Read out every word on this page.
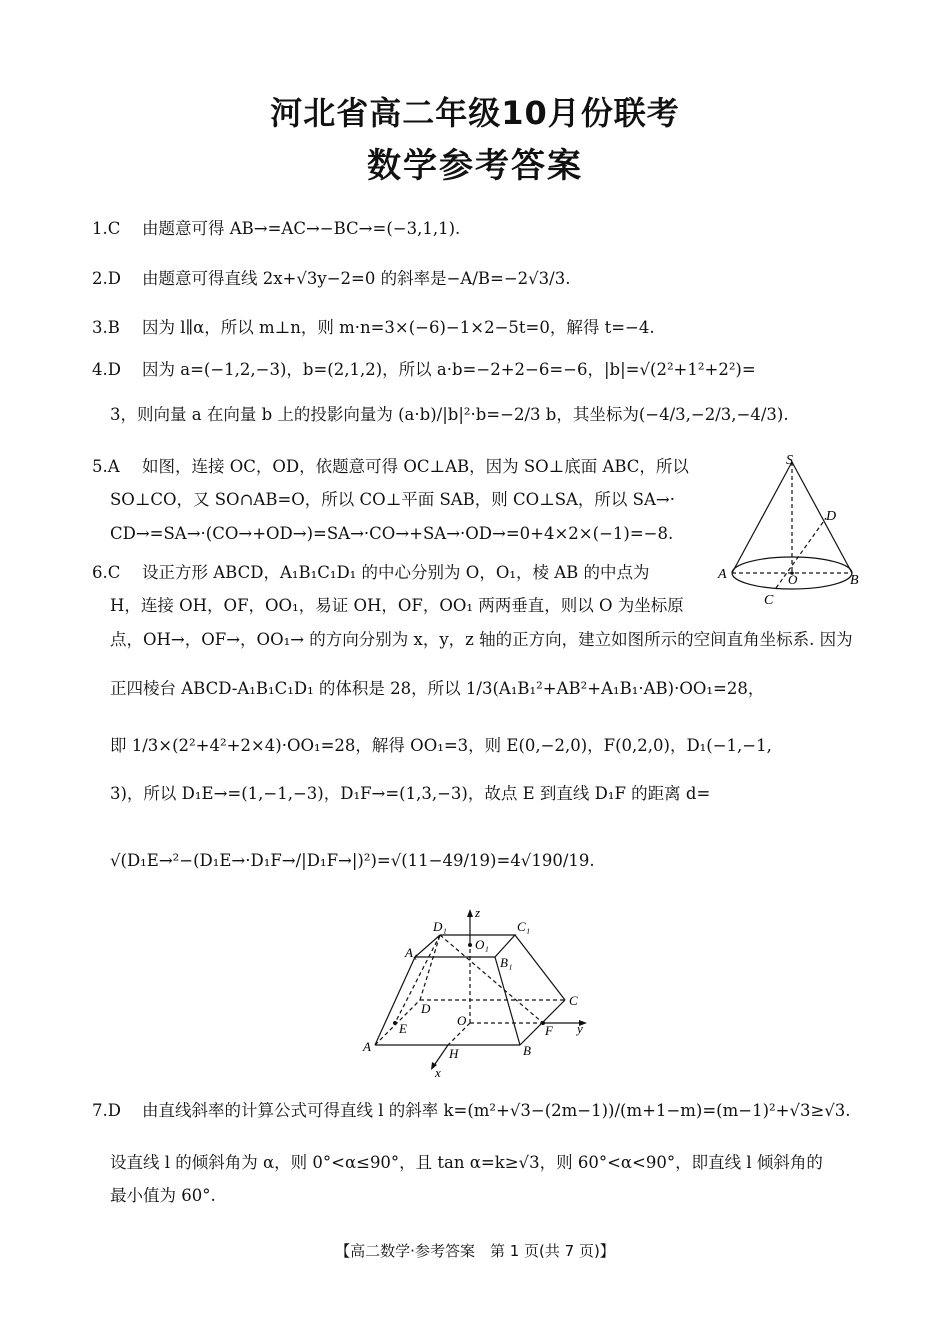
河北省高二年级10月份联考
数学参考答案
1.C 由题意可得 AB→=AC→−BC→=(−3,1,1).
2.D 由题意可得直线 2x+√3y−2=0 的斜率是−A/B=−2√3/3.
3.B 因为 l∥α，所以 m⊥n，则 m·n=3×(−6)−1×2−5t=0，解得 t=−4.
4.D 因为 a=(−1,2,−3)，b=(2,1,2)，所以 a·b=−2+2−6=−6，|b|=√(2²+1²+2²)=
3，则向量 a 在向量 b 上的投影向量为 (a·b)/|b|²·b=−2/3 b，其坐标为(−4/3,−2/3,−4/3).
5.A 如图，连接 OC，OD，依题意可得 OC⊥AB，因为 SO⊥底面 ABC，所以
SO⊥CO，又 SO∩AB=O，所以 CO⊥平面 SAB，则 CO⊥SA，所以 SA→·
CD→=SA→·(CO→+OD→)=SA→·CO→+SA→·OD→=0+4×2×(−1)=−8.
6.C 设正方形 ABCD，A₁B₁C₁D₁ 的中心分别为 O，O₁，棱 AB 的中点为
H，连接 OH，OF，OO₁，易证 OH，OF，OO₁ 两两垂直，则以 O 为坐标原
点，OH→，OF→，OO₁→ 的方向分别为 x，y，z 轴的正方向，建立如图所示的空间直角坐标系. 因为
正四棱台 ABCD-A₁B₁C₁D₁ 的体积是 28，所以 1/3(A₁B₁²+AB²+A₁B₁·AB)·OO₁=28，
即 1/3×(2²+4²+2×4)·OO₁=28，解得 OO₁=3，则 E(0,−2,0)，F(0,2,0)，D₁(−1,−1,
3)，所以 D₁E→=(1,−1,−3)，D₁F→=(1,3,−3)，故点 E 到直线 D₁F 的距离 d=
√(D₁E→²−(D₁E→·D₁F→/|D₁F→|)²)=√(11−49/19)=4√190/19.
7.D 由直线斜率的计算公式可得直线 l 的斜率 k=(m²+√3−(2m−1))/(m+1−m)=(m−1)²+√3≥√3.
设直线 l 的倾斜角为 α，则 0°<α≤90°，且 tan α=k≥√3，则 60°<α<90°，即直线 l 倾斜角的
最小值为 60°.
S
D
A	O	B
C
D₁	C₁
A₁
B₁
O₁
z
C
D
O
E	F y
A	H	B
x
【高二数学·参考答案　第 1 页(共 7 页)】
